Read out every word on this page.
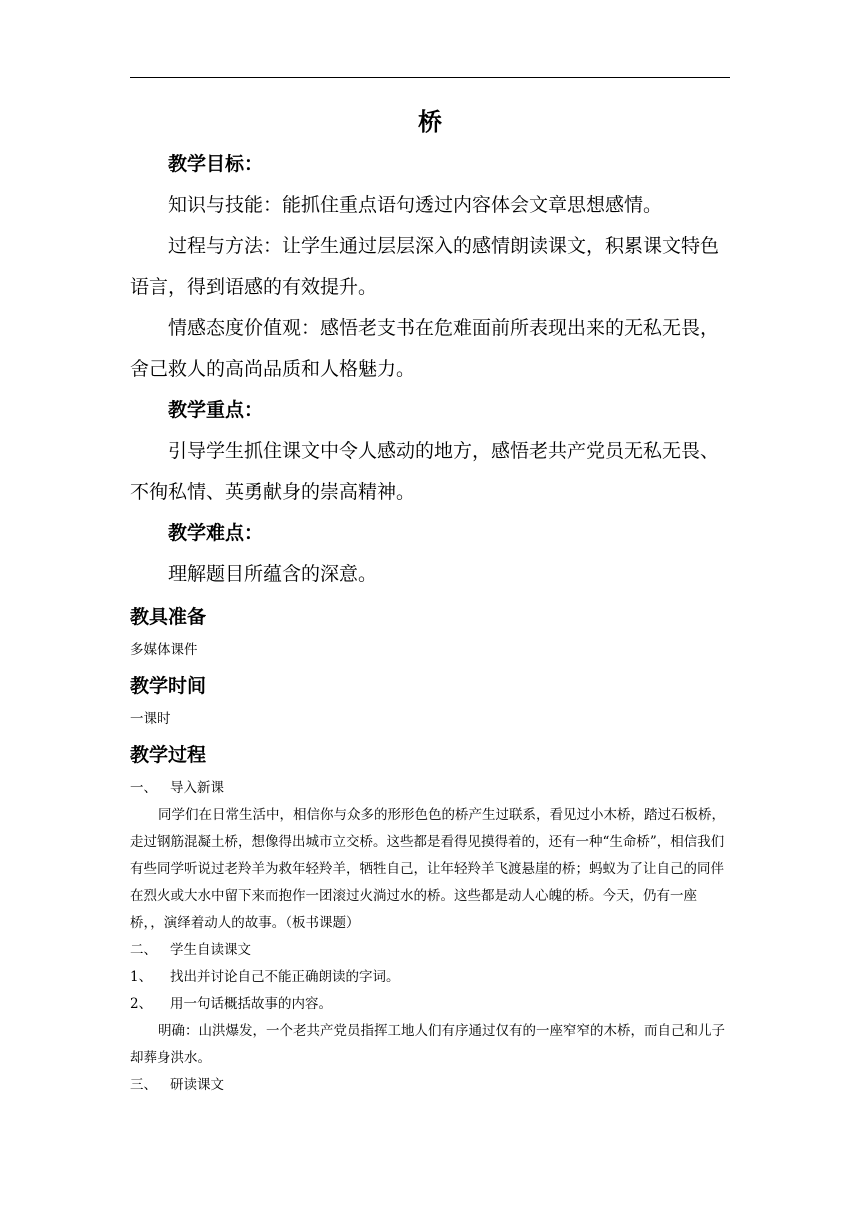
桥

教学目标：

知识与技能：能抓住重点语句透过内容体会文章思想感情。

过程与方法：让学生通过层层深入的感情朗读课文，积累课文特色语言，得到语感的有效提升。

情感态度价值观：感悟老支书在危难面前所表现出来的无私无畏，舍己救人的高尚品质和人格魅力。

教学重点：

引导学生抓住课文中令人感动的地方，感悟老共产党员无私无畏、不徇私情、英勇献身的崇高精神。

教学难点：

理解题目所蕴含的深意。

教具准备

多媒体课件

教学时间

一课时

教学过程

一、 导入新课

同学们在日常生活中，相信你与众多的形形色色的桥产生过联系，看见过小木桥，踏过石板桥，走过钢筋混凝土桥，想像得出城市立交桥。这些都是看得见摸得着的，还有一种“生命桥”，相信我们有些同学听说过老羚羊为救年轻羚羊，牺牲自己，让年轻羚羊飞渡悬崖的桥；蚂蚁为了让自己的同伴在烈火或大水中留下来而抱作一团滚过火淌过水的桥。这些都是动人心魄的桥。今天，仍有一座桥，，演绎着动人的故事。（板书课题）

二、 学生自读课文

1、 找出并讨论自己不能正确朗读的字词。

2、 用一句话概括故事的内容。

明确：山洪爆发，一个老共产党员指挥工地人们有序通过仅有的一座窄窄的木桥，而自己和儿子却葬身洪水。

三、 研读课文
